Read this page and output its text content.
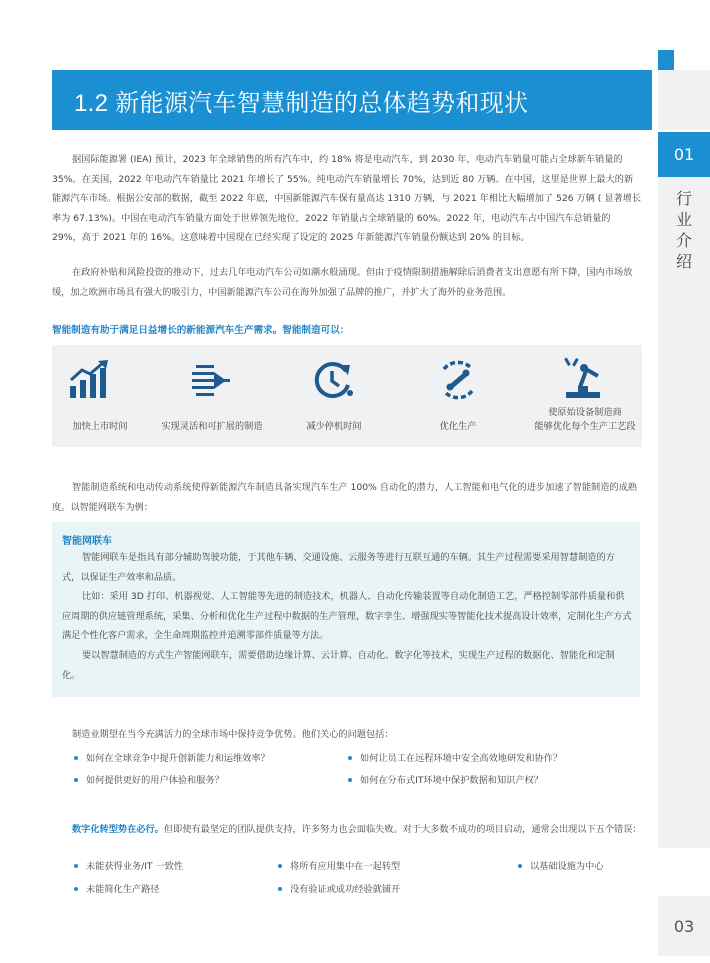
01
行
业
介
绍
03
1.2 新能源汽车智慧制造的总体趋势和现状
据国际能源署 (IEA) 预计，2023 年全球销售的所有汽车中，约 18% 将是电动汽车，到 2030 年，电动汽车销量可能占全球新车销量的 35%。在美国，2022 年电动汽车销量比 2021 年增长了 55%。纯电动汽车销量增长 70%，达到近 80 万辆。在中国，这里是世界上最大的新能源汽车市场。根据公安部的数据，截至 2022 年底，中国新能源汽车保有量高达 1310 万辆，与 2021 年相比大幅增加了 526 万辆 ( 显著增长率为 67.13%)。中国在电动汽车销量方面处于世界领先地位，2022 年销量占全球销量的 60%。2022 年，电动汽车占中国汽车总销量的 29%，高于 2021 年的 16%。这意味着中国现在已经实现了设定的 2025 年新能源汽车销量份额达到 20% 的目标。
在政府补贴和风险投资的推动下，过去几年电动汽车公司如潮水般涌现。但由于疫情限制措施解除后消费者支出意愿有所下降，国内市场放缓，加之欧洲市场具有强大的吸引力，中国新能源汽车公司在海外加强了品牌的推广，并扩大了海外的业务范围。
智能制造有助于满足日益增长的新能源汽车生产需求。智能制造可以：
加快上市时间	实现灵活和可扩展的制造	减少停机时间	优化生产
使原始设备制造商
能够优化每个生产工艺段
智能制造系统和电动传动系统使得新能源汽车制造具备实现汽车生产 100% 自动化的潜力，人工智能和电气化的进步加速了智能制造的成熟度。以智能网联车为例：
智能网联车
智能网联车是指具有部分辅助驾驶功能，于其他车辆、交通设施、云服务等进行互联互通的车辆。其生产过程需要采用智慧制造的方式，以保证生产效率和品质。
比如：采用 3D 打印、机器视觉、人工智能等先进的制造技术，机器人、自动化传输装置等自动化制造工艺，严格控制零部件质量和供应周期的供应链管理系统，采集、分析和优化生产过程中数据的生产管理，数字孪生、增强现实等智能化技术提高设计效率，定制化生产方式满足个性化客户需求，全生命周期监控并追溯零部件质量等方法。
要以智慧制造的方式生产智能网联车，需要借助边缘计算、云计算、自动化、数字化等技术，实现生产过程的数据化、智能化和定制化。
制造业期望在当今充满活力的全球市场中保持竞争优势。他们关心的问题包括：
如何在全球竞争中提升创新能力和运维效率？	如何让员工在远程环境中安全高效地研发和协作？
如何提供更好的用户体验和服务？	如何在分布式IT环境中保护数据和知识产权？
数字化转型势在必行。但即使有最坚定的团队提供支持，许多努力也会面临失败。对于大多数不成功的项目启动，通常会出现以下五个错误：
未能获得业务/IT 一致性	将所有应用集中在一起转型	以基础设施为中心
未能简化生产路径	没有验证或成功经验就铺开
